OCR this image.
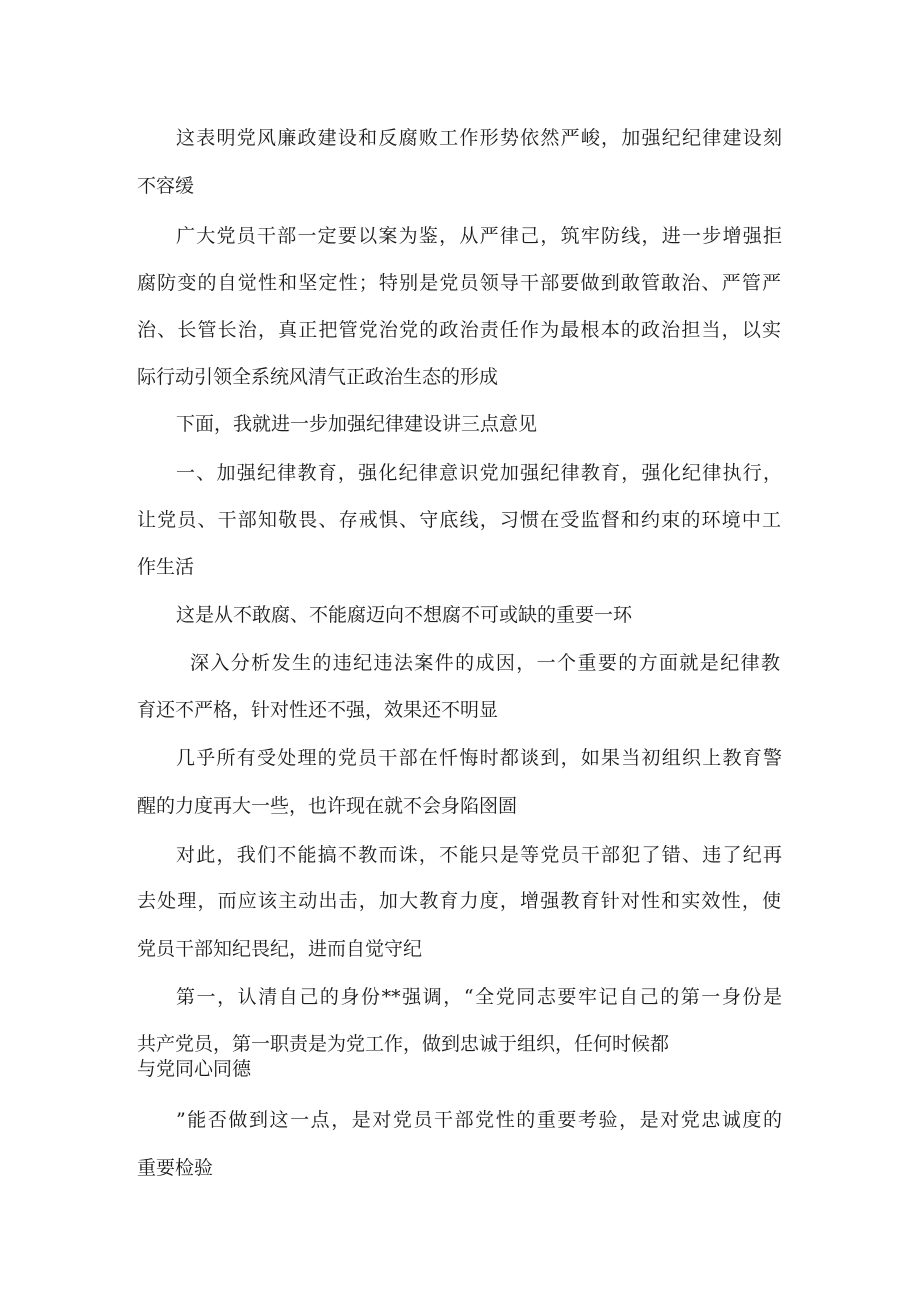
这表明党风廉政建设和反腐败工作形势依然严峻，加强纪纪律建设刻

不容缓

广大党员干部一定要以案为鉴，从严律己，筑牢防线，进一步增强拒

腐防变的自觉性和坚定性；特别是党员领导干部要做到敢管敢治、严管严

治、长管长治，真正把管党治党的政治责任作为最根本的政治担当，以实

际行动引领全系统风清气正政治生态的形成

下面，我就进一步加强纪律建设讲三点意见

一、加强纪律教育，强化纪律意识党加强纪律教育，强化纪律执行，

让党员、干部知敬畏、存戒惧、守底线，习惯在受监督和约束的环境中工

作生活

这是从不敢腐、不能腐迈向不想腐不可或缺的重要一环

深入分析发生的违纪违法案件的成因，一个重要的方面就是纪律教

育还不严格，针对性还不强，效果还不明显

几乎所有受处理的党员干部在忏悔时都谈到，如果当初组织上教育警

醒的力度再大一些，也许现在就不会身陷囹圄

对此，我们不能搞不教而诛，不能只是等党员干部犯了错、违了纪再

去处理，而应该主动出击，加大教育力度，增强教育针对性和实效性，使

党员干部知纪畏纪，进而自觉守纪

第一，认清自己的身份**强调，“全党同志要牢记自己的第一身份是

共产党员，第一职责是为党工作，做到忠诚于组织，任何时候都

与党同心同德

”能否做到这一点，是对党员干部党性的重要考验，是对党忠诚度的

重要检验
